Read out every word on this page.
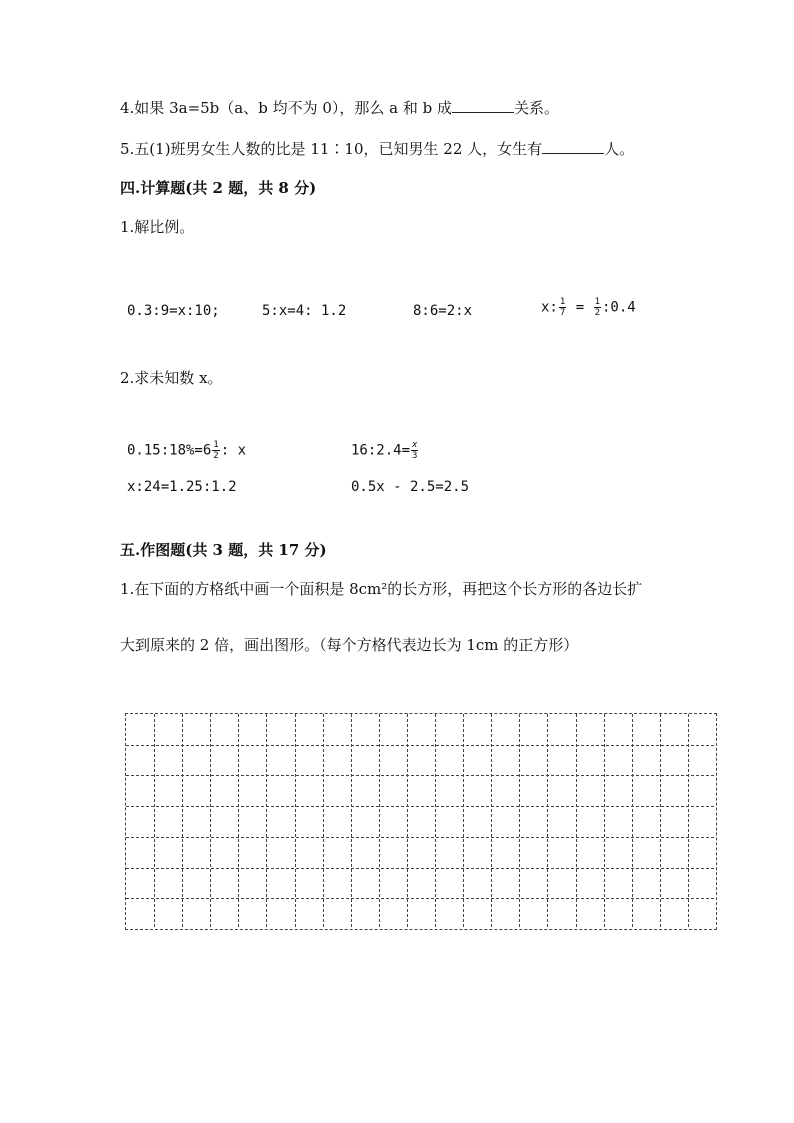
4.如果 3a=5b（a、b 均不为 0），那么 a 和 b 成	关系。
5.五(1)班男女生人数的比是 11∶10，已知男生 22 人，女生有	人。
四.计算题(共 2 题，共 8 分)
1.解比例。
0.3:9=x:10;	5:x=4: 1.2	8:6=2:x	x: $\frac{1}{7} = \frac{1}{2}$ :0.4
2.求未知数 x。
0.15:18%=6 $\frac{1}{2}$ : x	16:2.4= $\frac{x}{3}$
x:24=1.25:1.2	0.5x - 2.5=2.5
五.作图题(共 3 题，共 17 分)
1.在下面的方格纸中画一个面积是 8cm²的长方形，再把这个长方形的各边长扩
大到原来的 2 倍，画出图形。（每个方格代表边长为 1cm 的正方形）
